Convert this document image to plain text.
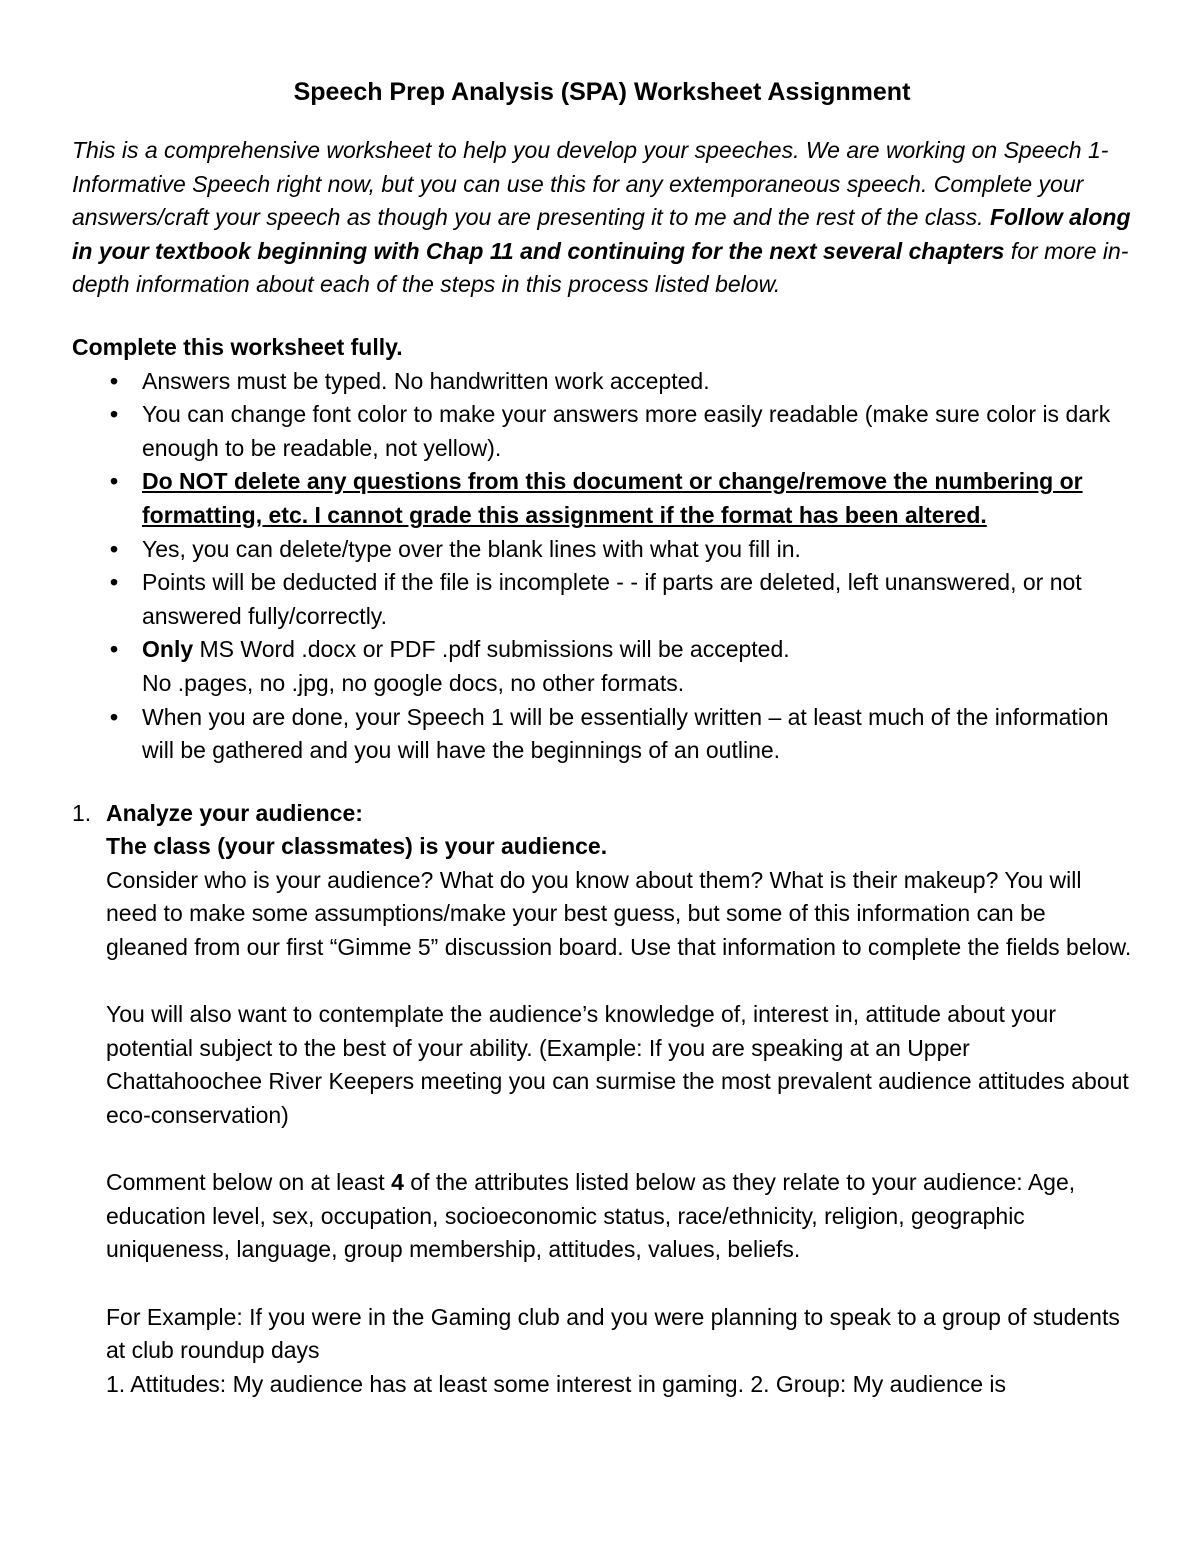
Speech Prep Analysis (SPA) Worksheet Assignment

This is a comprehensive worksheet to help you develop your speeches. We are working on Speech 1- Informative Speech right now, but you can use this for any extemporaneous speech. Complete your answers/craft your speech as though you are presenting it to me and the rest of the class. Follow along in your textbook beginning with Chap 11 and continuing for the next several chapters for more in-depth information about each of the steps in this process listed below.

Complete this worksheet fully.

• Answers must be typed. No handwritten work accepted.
• You can change font color to make your answers more easily readable (make sure color is dark enough to be readable, not yellow).
• Do NOT delete any questions from this document or change/remove the numbering or formatting, etc. I cannot grade this assignment if the format has been altered.
• Yes, you can delete/type over the blank lines with what you fill in.
• Points will be deducted if the file is incomplete - - if parts are deleted, left unanswered, or not answered fully/correctly.
• Only MS Word .docx or PDF .pdf submissions will be accepted.
No .pages, no .jpg, no google docs, no other formats.
• When you are done, your Speech 1 will be essentially written – at least much of the information will be gathered and you will have the beginnings of an outline.
1. Analyze your audience:
The class (your classmates) is your audience.

Consider who is your audience? What do you know about them? What is their makeup? You will need to make some assumptions/make your best guess, but some of this information can be gleaned from our first “Gimme 5” discussion board. Use that information to complete the fields below.

You will also want to contemplate the audience’s knowledge of, interest in, attitude about your potential subject to the best of your ability. (Example: If you are speaking at an Upper Chattahoochee River Keepers meeting you can surmise the most prevalent audience attitudes about eco-conservation)

Comment below on at least 4 of the attributes listed below as they relate to your audience: Age, education level, sex, occupation, socioeconomic status, race/ethnicity, religion, geographic uniqueness, language, group membership, attitudes, values, beliefs.

For Example: If you were in the Gaming club and you were planning to speak to a group of students at club roundup days
1. Attitudes: My audience has at least some interest in gaming. 2. Group: My audience is
